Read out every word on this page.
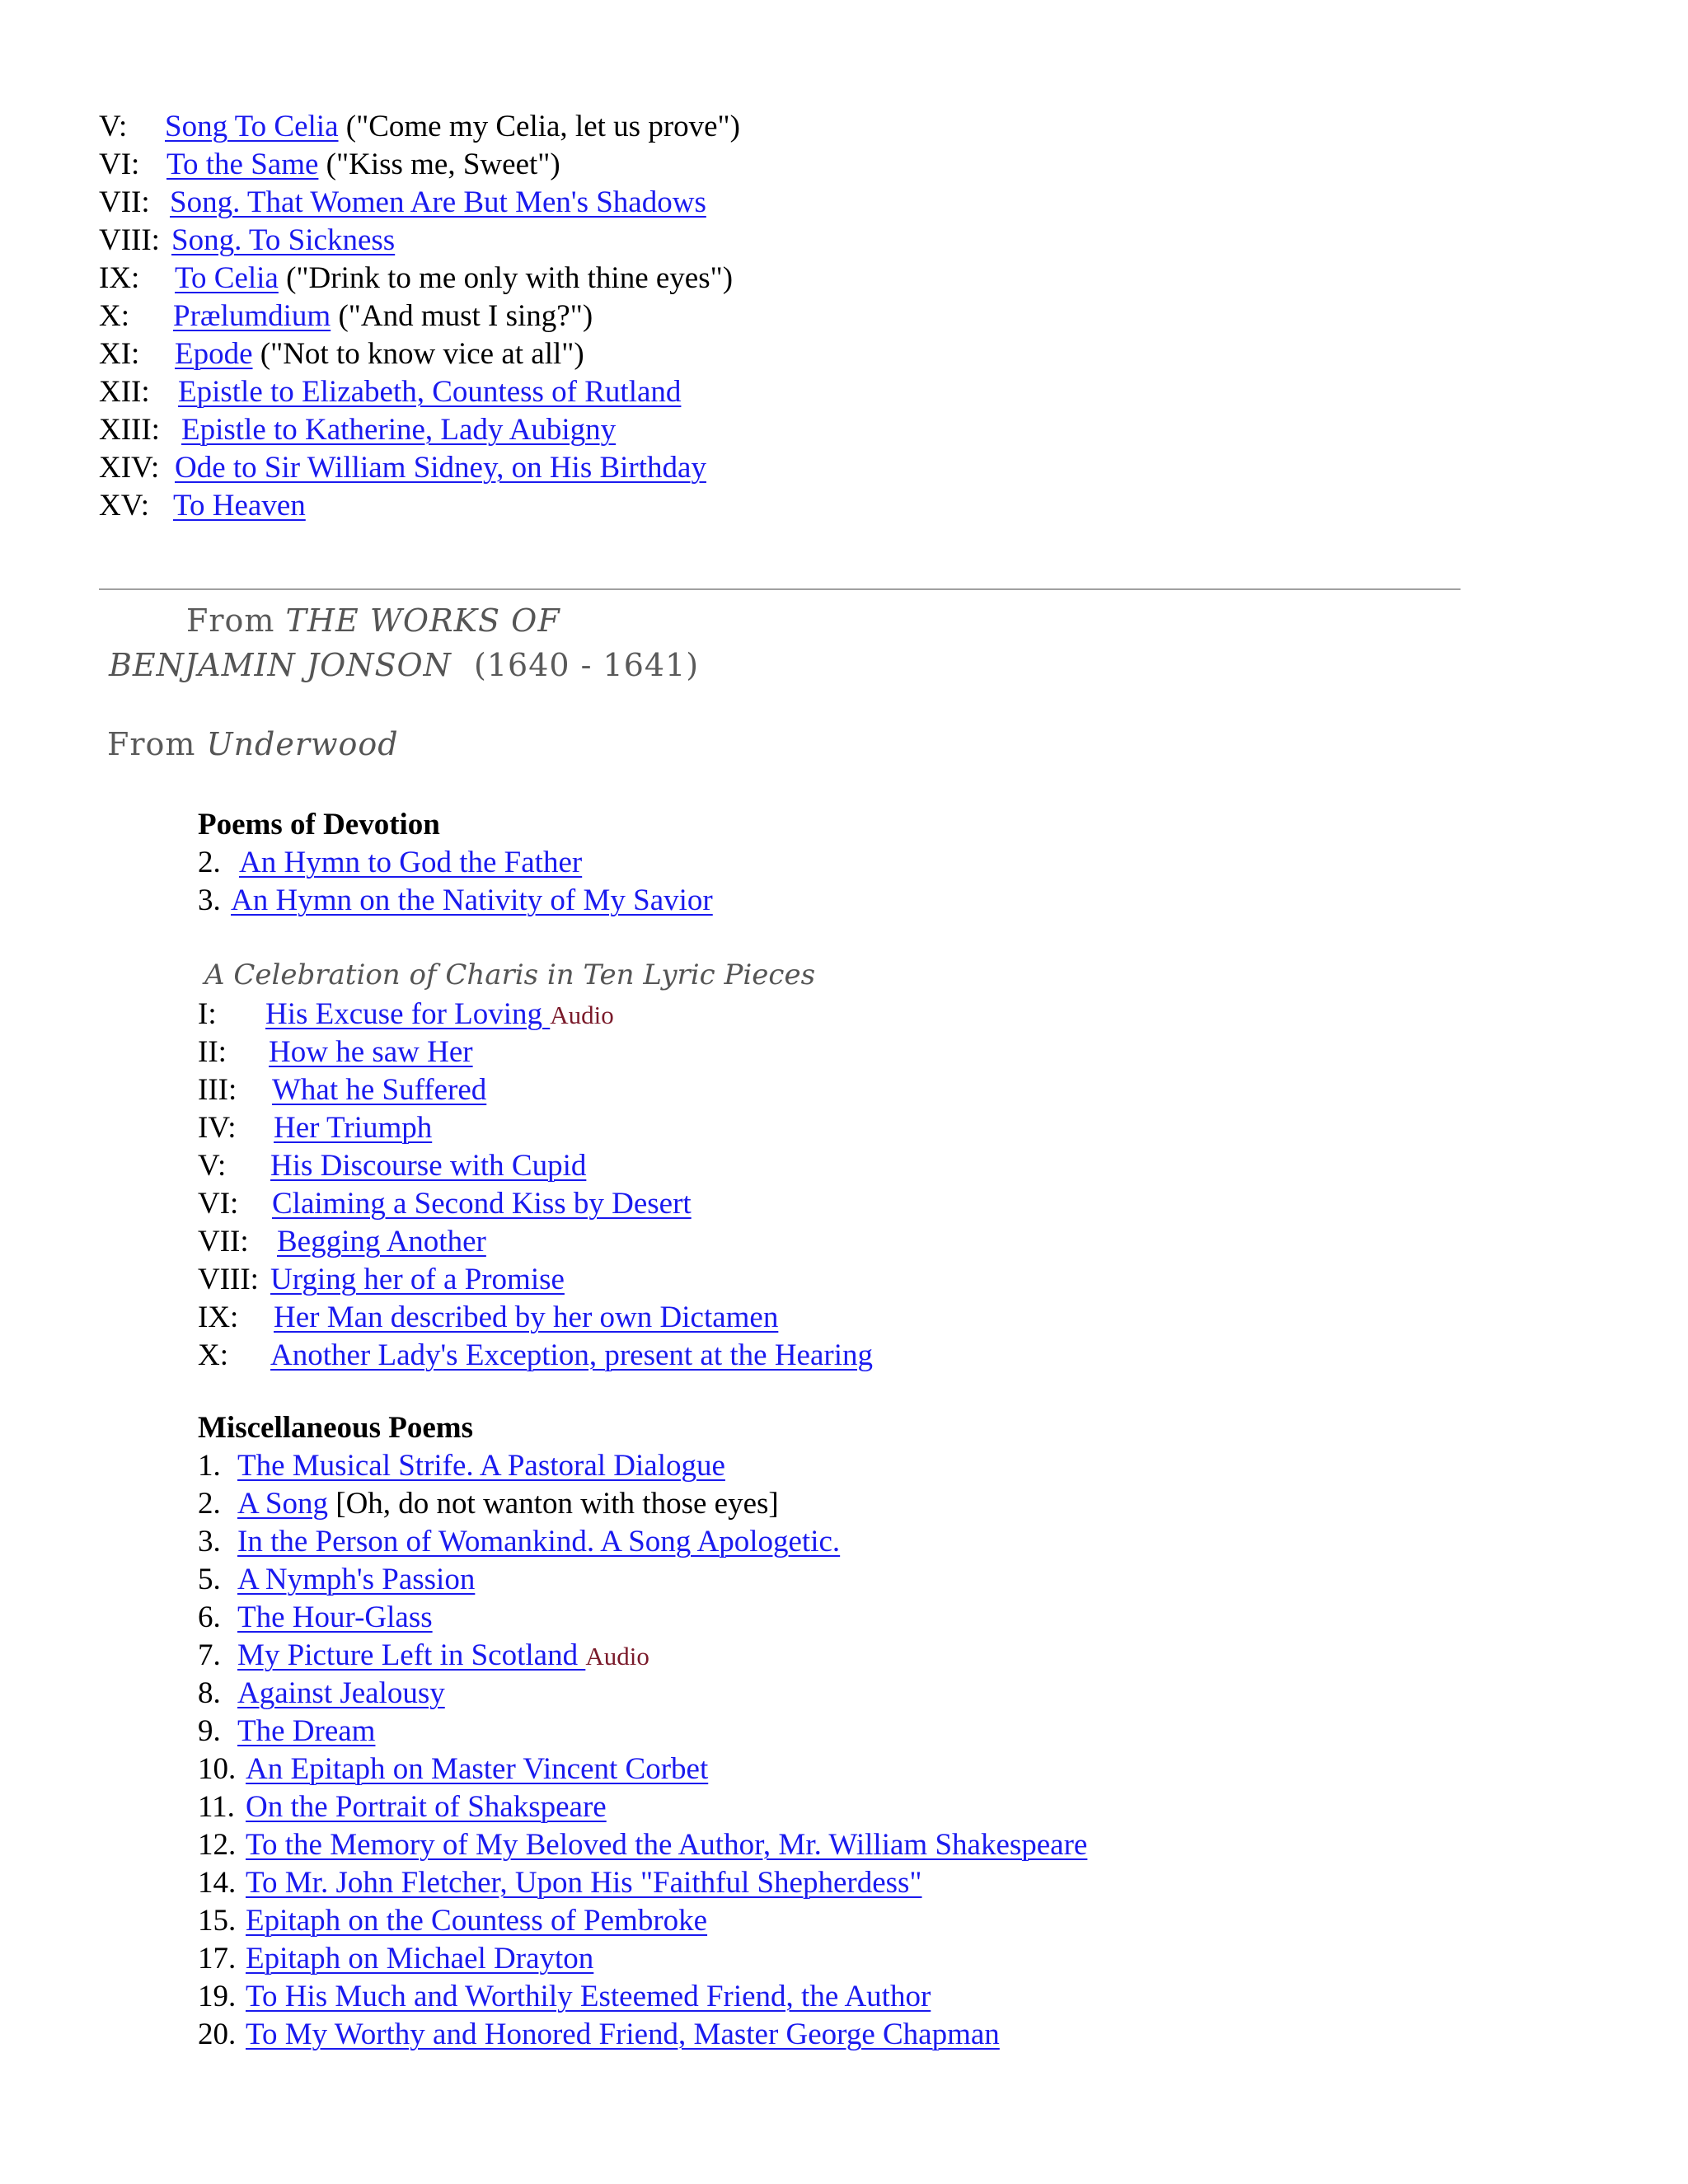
V: Song To Celia ("Come my Celia, let us prove")
VI: To the Same ("Kiss me, Sweet")
VII: Song. That Women Are But Men's Shadows
VIII: Song. To Sickness
IX: To Celia ("Drink to me only with thine eyes")
X: Prælumdium ("And must I sing?")
XI: Epode ("Not to know vice at all")
XII: Epistle to Elizabeth, Countess of Rutland
XIII: Epistle to Katherine, Lady Aubigny
XIV: Ode to Sir William Sidney, on His Birthday
XV: To Heaven
From THE WORKS OF
BENJAMIN JONSON (1640 - 1641)
From Underwood
Poems of Devotion
2. An Hymn to God the Father
3. An Hymn on the Nativity of My Savior
A Celebration of Charis in Ten Lyric Pieces
I: His Excuse for Loving Audio
II: How he saw Her
III: What he Suffered
IV: Her Triumph
V: His Discourse with Cupid
VI: Claiming a Second Kiss by Desert
VII: Begging Another
VIII: Urging her of a Promise
IX: Her Man described by her own Dictamen
X: Another Lady's Exception, present at the Hearing
Miscellaneous Poems
1. The Musical Strife. A Pastoral Dialogue
2. A Song [Oh, do not wanton with those eyes]
3. In the Person of Womankind. A Song Apologetic.
5. A Nymph's Passion
6. The Hour-Glass
7. My Picture Left in Scotland Audio
8. Against Jealousy
9. The Dream
10. An Epitaph on Master Vincent Corbet
11. On the Portrait of Shakspeare
12. To the Memory of My Beloved the Author, Mr. William Shakespeare
14. To Mr. John Fletcher, Upon His "Faithful Shepherdess"
15. Epitaph on the Countess of Pembroke
17. Epitaph on Michael Drayton
19. To His Much and Worthily Esteemed Friend, the Author
20. To My Worthy and Honored Friend, Master George Chapman
